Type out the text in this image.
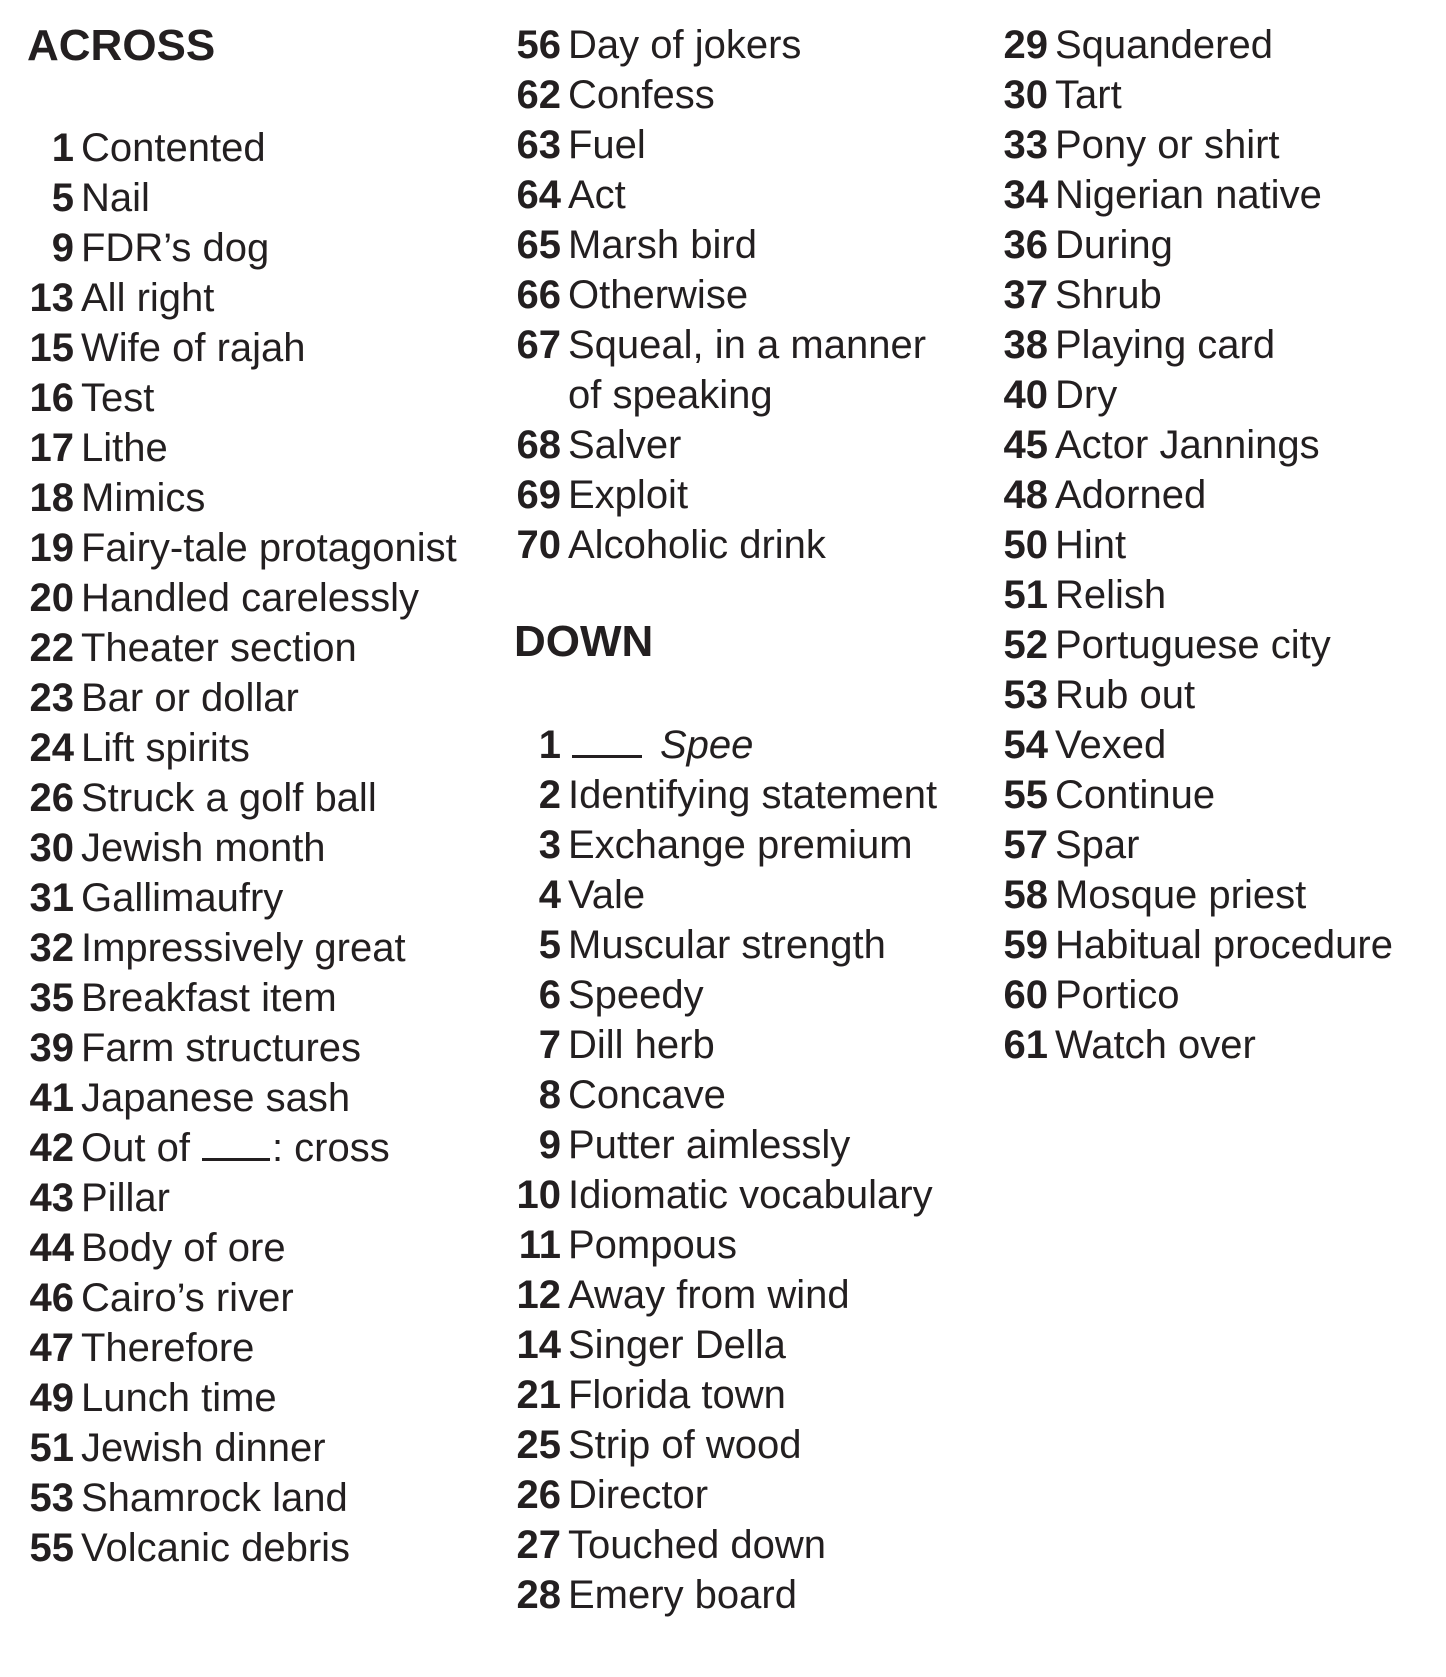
ACROSS
1 Contented
5 Nail
9 FDR’s dog
13 All right
15 Wife of rajah
16 Test
17 Lithe
18 Mimics
19 Fairy-tale protagonist
20 Handled carelessly
22 Theater section
23 Bar or dollar
24 Lift spirits
26 Struck a golf ball
30 Jewish month
31 Gallimaufry
32 Impressively great
35 Breakfast item
39 Farm structures
41 Japanese sash
42 Out of : cross
43 Pillar
44 Body of ore
46 Cairo’s river
47 Therefore
49 Lunch time
51 Jewish dinner
53 Shamrock land
55 Volcanic debris
56 Day of jokers
62 Confess
63 Fuel
64 Act
65 Marsh bird
66 Otherwise
67 Squeal, in a manner
of speaking
68 Salver
69 Exploit
70 Alcoholic drink
DOWN
1 Spee
2 Identifying statement
3 Exchange premium
4 Vale
5 Muscular strength
6 Speedy
7 Dill herb
8 Concave
9 Putter aimlessly
10 Idiomatic vocabulary
11 Pompous
12 Away from wind
14 Singer Della
21 Florida town
25 Strip of wood
26 Director
27 Touched down
28 Emery board
29 Squandered
30 Tart
33 Pony or shirt
34 Nigerian native
36 During
37 Shrub
38 Playing card
40 Dry
45 Actor Jannings
48 Adorned
50 Hint
51 Relish
52 Portuguese city
53 Rub out
54 Vexed
55 Continue
57 Spar
58 Mosque priest
59 Habitual procedure
60 Portico
61 Watch over
